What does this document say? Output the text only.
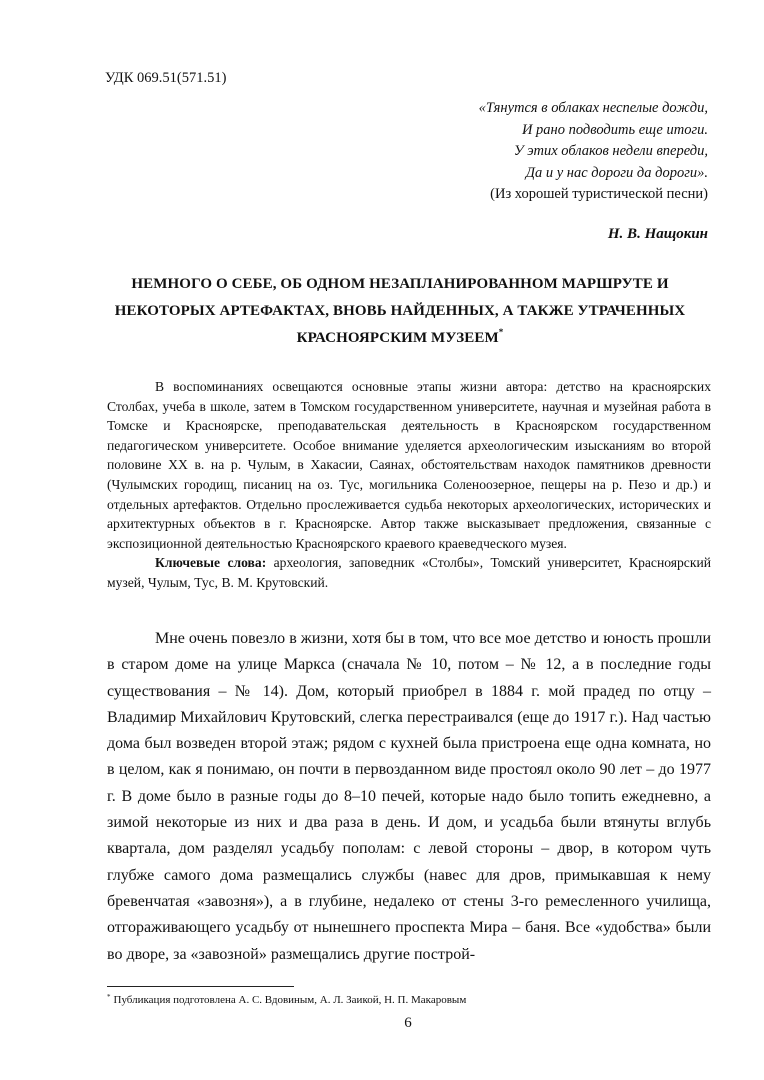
УДК 069.51(571.51)
«Тянутся в облаках неспелые дожди,
И рано подводить еще итоги.
У этих облаков недели впереди,
Да и у нас дороги да дороги».
(Из хорошей туристической песни)
Н. В. Нащокин
НЕМНОГО О СЕБЕ, ОБ ОДНОМ НЕЗАПЛАНИРОВАННОМ МАРШРУТЕ И
НЕКОТОРЫХ АРТЕФАКТАХ, ВНОВЬ НАЙДЕННЫХ, А ТАКЖЕ УТРАЧЕННЫХ
КРАСНОЯРСКИМ МУЗЕЕМ*

В воспоминаниях освещаются основные этапы жизни автора: детство на красноярских Столбах, учеба в школе, затем в Томском государственном университете, научная и музейная работа в Томске и Красноярске, преподавательская деятельность в Красноярском государственном педагогическом университете. Особое внимание уделяется археологическим изысканиям во второй половине XX в. на р. Чулым, в Хакасии, Саянах, обстоятельствам находок памятников древности (Чулымских городищ, писаниц на оз. Тус, могильника Соленоозерное, пещеры на р. Пезо и др.) и отдельных артефактов. Отдельно прослеживается судьба некоторых археологических, исторических и архитектурных объектов в г. Красноярске. Автор также высказывает предложения, связанные с экспозиционной деятельностью Красноярского краевого краеведческого музея.

Ключевые слова: археология, заповедник «Столбы», Томский университет, Красноярский музей, Чулым, Тус, В. М. Крутовский.

Мне очень повезло в жизни, хотя бы в том, что все мое детство и юность прошли в старом доме на улице Маркса (сначала № 10, потом – № 12, а в последние годы существования – № 14). Дом, который приобрел в 1884 г. мой прадед по отцу – Владимир Михайлович Крутовский, слегка перестраивался (еще до 1917 г.). Над частью дома был возведен второй этаж; рядом с кухней была пристроена еще одна комната, но в целом, как я понимаю, он почти в первозданном виде простоял около 90 лет – до 1977 г. В доме было в разные годы до 8–10 печей, которые надо было топить ежедневно, а зимой некоторые из них и два раза в день. И дом, и усадьба были втянуты вглубь квартала, дом разделял усадьбу пополам: с левой стороны – двор, в котором чуть глубже самого дома размещались службы (навес для дров, примыкавшая к нему бревенчатая «завозня»), а в глубине, недалеко от стены 3-го ремесленного училища, отгораживающего усадьбу от нынешнего проспекта Мира – баня. Все «удобства» были во дворе, за «завозной» размещались другие построй-

* Публикация подготовлена А. С. Вдовиным, А. Л. Заикой, Н. П. Макаровым
6
